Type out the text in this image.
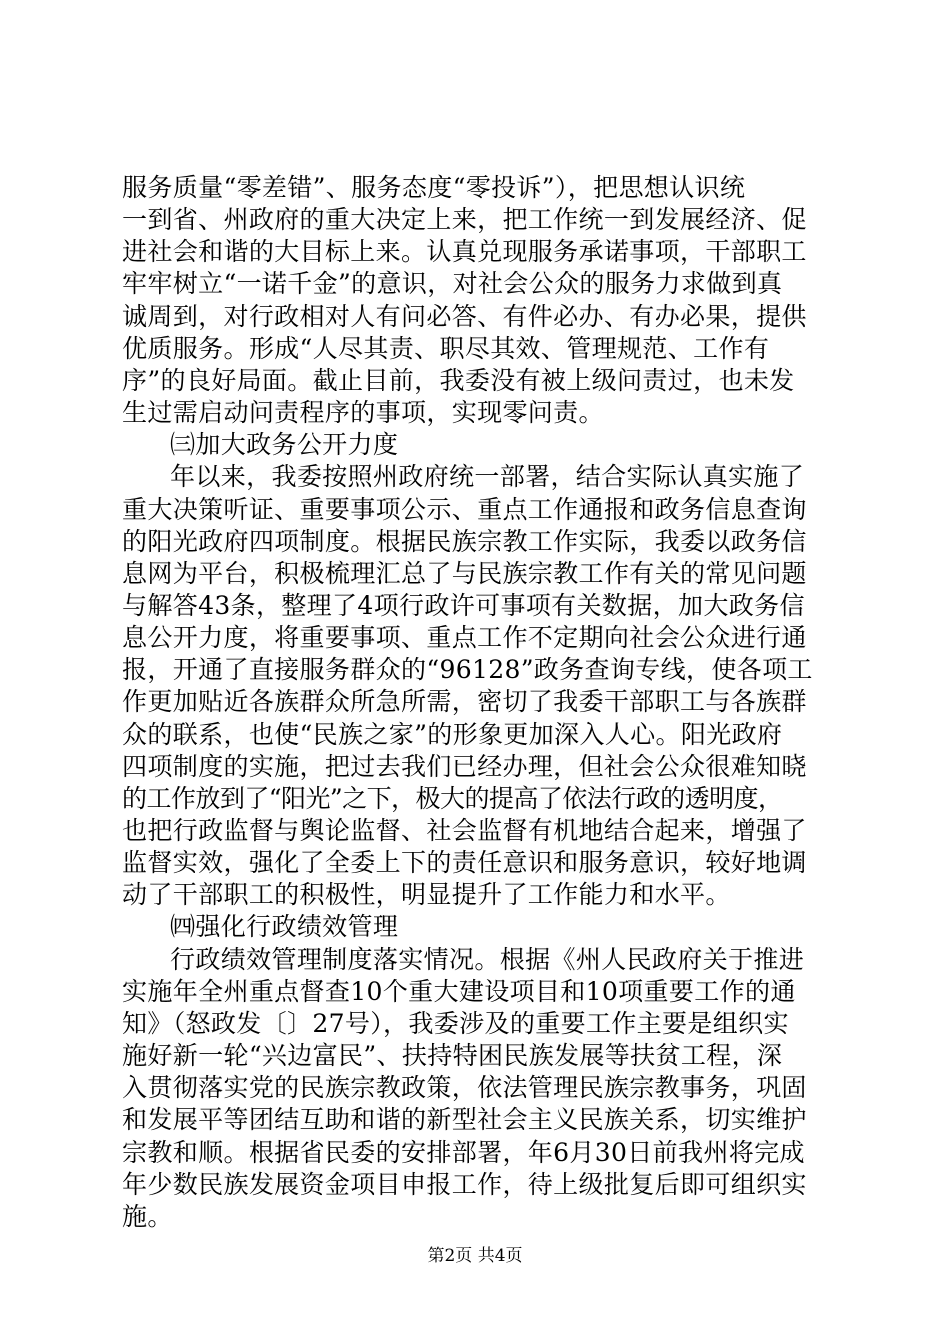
服务质量“零差错”、服务态度“零投诉”），把思想认识统
一到省、州政府的重大决定上来，把工作统一到发展经济、促
进社会和谐的大目标上来。认真兑现服务承诺事项，干部职工
牢牢树立“一诺千金”的意识，对社会公众的服务力求做到真
诚周到，对行政相对人有问必答、有件必办、有办必果，提供
优质服务。形成“人尽其责、职尽其效、管理规范、工作有
序”的良好局面。截止目前，我委没有被上级问责过，也未发
生过需启动问责程序的事项，实现零问责。
㈢加大政务公开力度
年以来，我委按照州政府统一部署，结合实际认真实施了
重大决策听证、重要事项公示、重点工作通报和政务信息查询
的阳光政府四项制度。根据民族宗教工作实际，我委以政务信
息网为平台，积极梳理汇总了与民族宗教工作有关的常见问题
与解答43条，整理了4项行政许可事项有关数据，加大政务信
息公开力度，将重要事项、重点工作不定期向社会公众进行通
报，开通了直接服务群众的“96128”政务查询专线，使各项工
作更加贴近各族群众所急所需，密切了我委干部职工与各族群
众的联系，也使“民族之家”的形象更加深入人心。阳光政府
四项制度的实施，把过去我们已经办理，但社会公众很难知晓
的工作放到了“阳光”之下，极大的提高了依法行政的透明度，
也把行政监督与舆论监督、社会监督有机地结合起来，增强了
监督实效，强化了全委上下的责任意识和服务意识，较好地调
动了干部职工的积极性，明显提升了工作能力和水平。
㈣强化行政绩效管理
行政绩效管理制度落实情况。根据《州人民政府关于推进
实施年全州重点督查10个重大建设项目和10项重要工作的通
知》（怒政发〔〕27号），我委涉及的重要工作主要是组织实
施好新一轮“兴边富民”、扶持特困民族发展等扶贫工程，深
入贯彻落实党的民族宗教政策，依法管理民族宗教事务，巩固
和发展平等团结互助和谐的新型社会主义民族关系，切实维护
宗教和顺。根据省民委的安排部署，年6月30日前我州将完成
年少数民族发展资金项目申报工作，待上级批复后即可组织实
施。
第2页 共4页
